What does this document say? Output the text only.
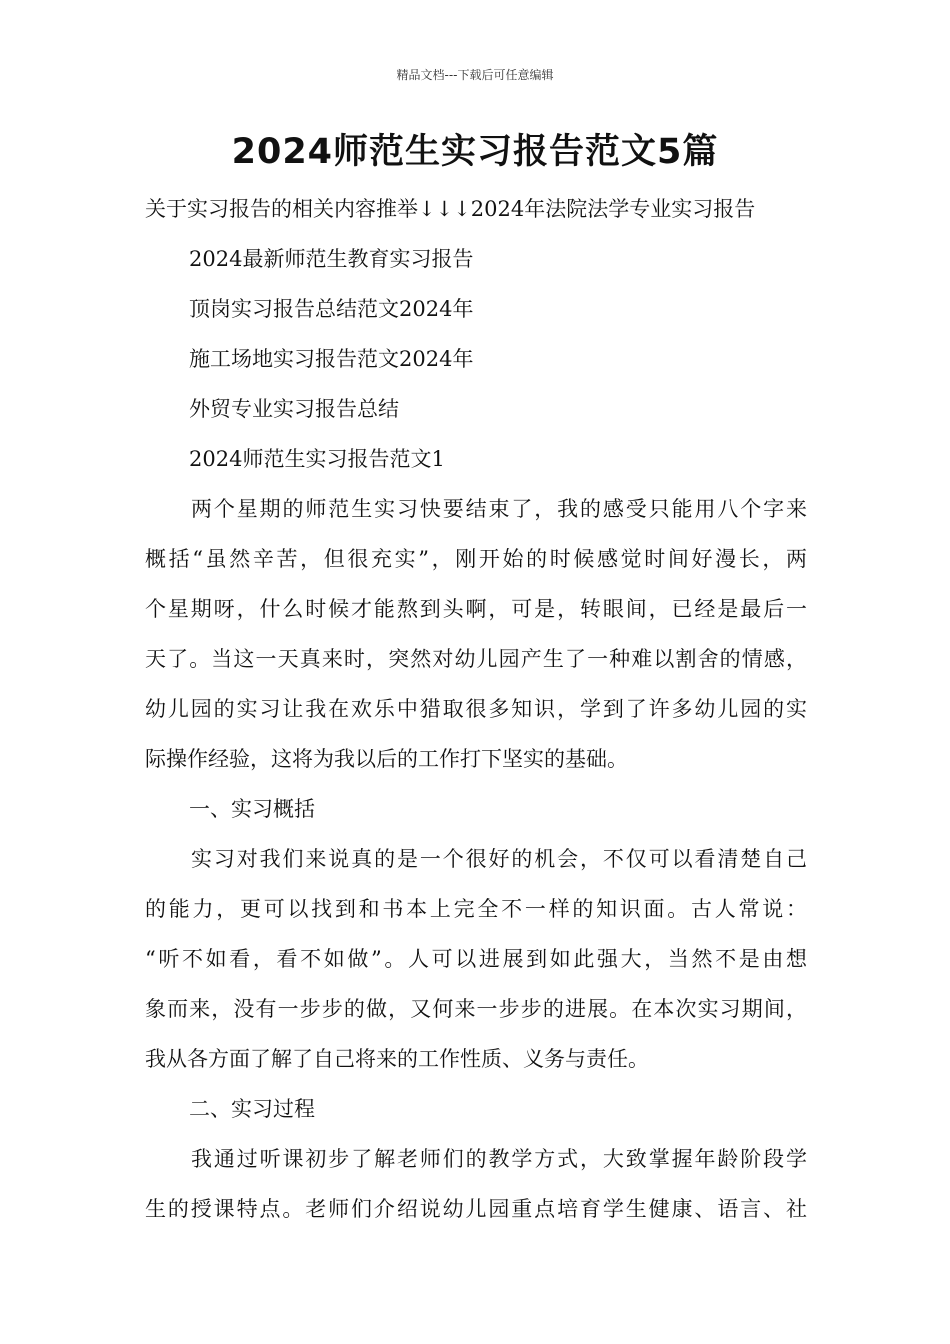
精品文档---下载后可任意编辑
2024师范生实习报告范文5篇

关于实习报告的相关内容推举↓↓↓2024年法院法学专业实习报告

2024最新师范生教育实习报告

顶岗实习报告总结范文2024年

施工场地实习报告范文2024年

外贸专业实习报告总结

2024师范生实习报告范文1

两个星期的师范生实习快要结束了，我的感受只能用八个字来

概括“虽然辛苦，但很充实”，刚开始的时候感觉时间好漫长，两

个星期呀，什么时候才能熬到头啊，可是，转眼间，已经是最后一

天了。当这一天真来时，突然对幼儿园产生了一种难以割舍的情感，

幼儿园的实习让我在欢乐中猎取很多知识，学到了许多幼儿园的实

际操作经验，这将为我以后的工作打下坚实的基础。

一、实习概括

实习对我们来说真的是一个很好的机会，不仅可以看清楚自己

的能力，更可以找到和书本上完全不一样的知识面。古人常说：

“听不如看，看不如做”。人可以进展到如此强大，当然不是由想

象而来，没有一步步的做，又何来一步步的进展。在本次实习期间，

我从各方面了解了自己将来的工作性质、义务与责任。

二、实习过程

我通过听课初步了解老师们的教学方式，大致掌握年龄阶段学

生的授课特点。老师们介绍说幼儿园重点培育学生健康、语言、社
